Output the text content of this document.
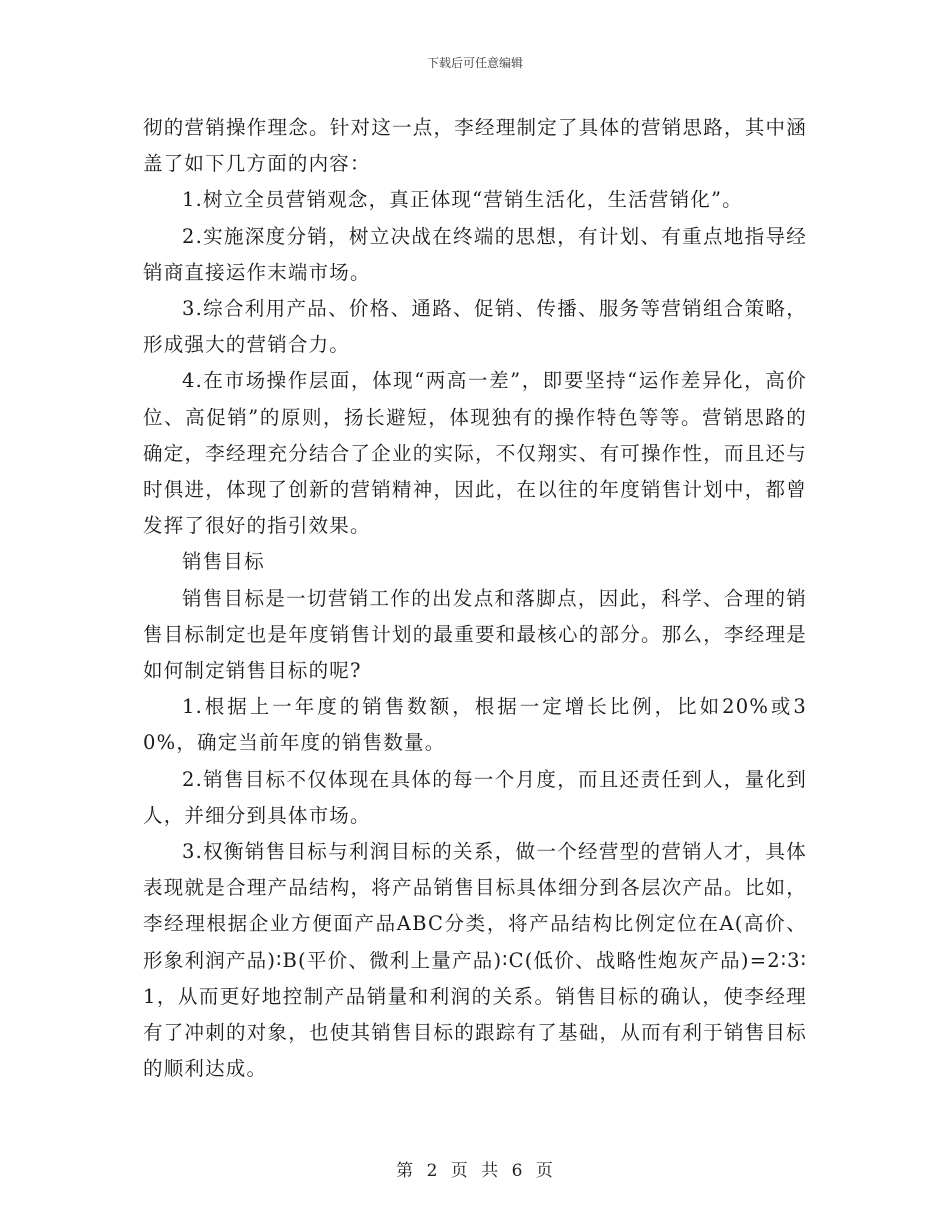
下载后可任意编辑

彻的营销操作理念。针对这一点，李经理制定了具体的营销思路，其中涵盖了如下几方面的内容：

1.树立全员营销观念，真正体现“营销生活化，生活营销化”。

2.实施深度分销，树立决战在终端的思想，有计划、有重点地指导经销商直接运作末端市场。

3.综合利用产品、价格、通路、促销、传播、服务等营销组合策略，形成强大的营销合力。

4.在市场操作层面，体现“两高一差”，即要坚持“运作差异化，高价位、高促销”的原则，扬长避短，体现独有的操作特色等等。营销思路的确定，李经理充分结合了企业的实际，不仅翔实、有可操作性，而且还与时俱进，体现了创新的营销精神，因此，在以往的年度销售计划中，都曾发挥了很好的指引效果。

销售目标

销售目标是一切营销工作的出发点和落脚点，因此，科学、合理的销售目标制定也是年度销售计划的最重要和最核心的部分。那么，李经理是如何制定销售目标的呢?

1.根据上一年度的销售数额，根据一定增长比例，比如20%或30%，确定当前年度的销售数量。

2.销售目标不仅体现在具体的每一个月度，而且还责任到人，量化到人，并细分到具体市场。

3.权衡销售目标与利润目标的关系，做一个经营型的营销人才，具体表现就是合理产品结构，将产品销售目标具体细分到各层次产品。比如，李经理根据企业方便面产品ABC分类，将产品结构比例定位在A(高价、形象利润产品)∶B(平价、微利上量产品)∶C(低价、战略性炮灰产品)=2∶3∶1，从而更好地控制产品销量和利润的关系。销售目标的确认，使李经理有了冲刺的对象，也使其销售目标的跟踪有了基础，从而有利于销售目标的顺利达成。

第 2 页 共 6 页
